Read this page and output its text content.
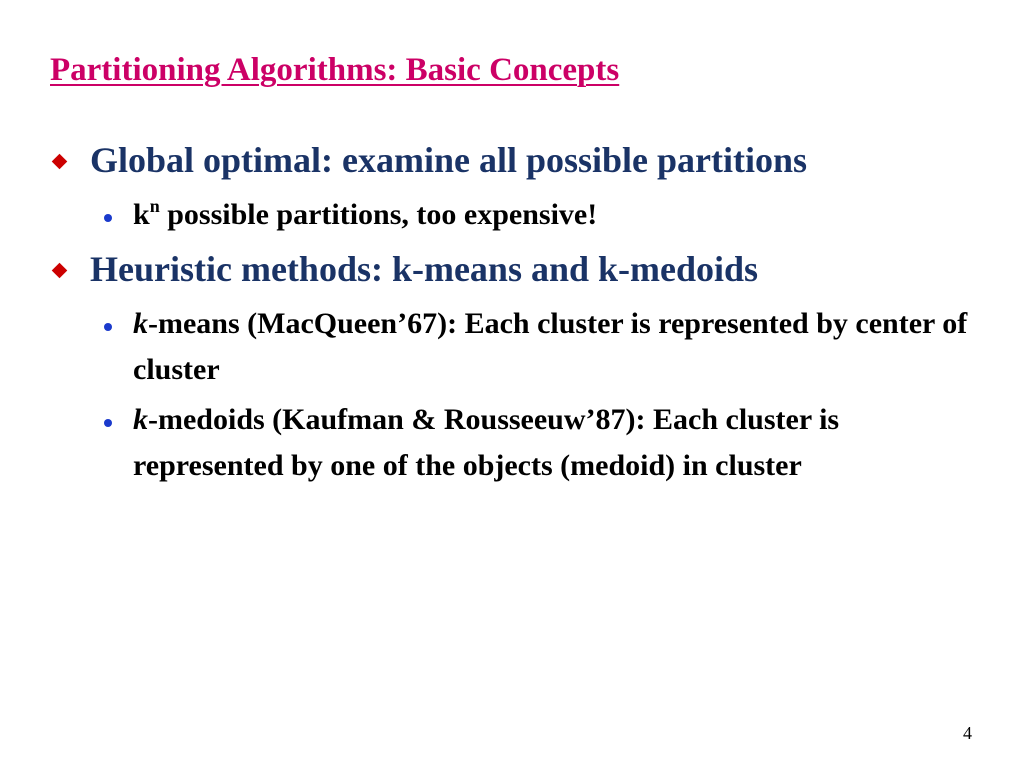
Partitioning Algorithms: Basic Concepts
Global optimal: examine all possible partitions
$k^n$ possible partitions, too expensive!
Heuristic methods: k-means and k-medoids
k-means (MacQueen’67): Each cluster is represented by center of cluster
k-medoids (Kaufman & Rousseeuw’87): Each cluster is represented by one of the objects (medoid) in cluster
4
